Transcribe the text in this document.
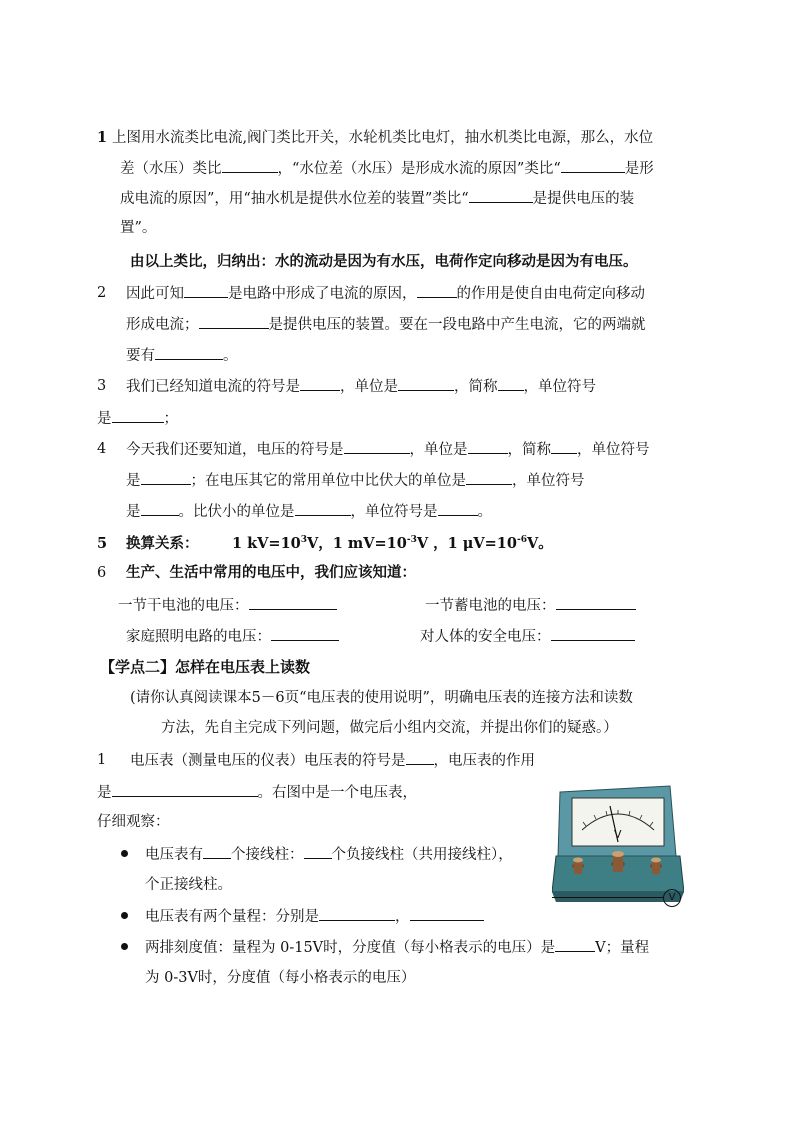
1 上图用水流类比电流,阀门类比开关，水轮机类比电灯，抽水机类比电源，那么，水位
差（水压）类比	，“水位差（水压）是形成水流的原因”类比“	是形
成电流的原因”，用“抽水机是提供水位差的装置”类比“	是提供电压的装
置”。
由以上类比，归纳出：水的流动是因为有水压，电荷作定向移动是因为有电压。
2 因此可知	是电路中形成了电流的原因，	的作用是使自由电荷定向移动
形成电流；	是提供电压的装置。要在一段电路中产生电流，它的两端就
要有	。
3 我们已经知道电流的符号是	，单位是	，简称 ，单位符号
是	；
4 今天我们还要知道，电压的符号是	，单位是	，简称 ，单位符号
是	；在电压其它的常用单位中比伏大的单位是	，单位符号
是	。比伏小的单位是	，单位符号是	。
5 换算关系： 1 $kV=10^3V$，1 $mV=10^{-3}V$ ，1 $\mu V=10^{-6}V$。
6 生产、生活中常用的电压中，我们应该知道：
一节干电池的电压：	一节蓄电池的电压：
家庭照明电路的电压：	对人体的安全电压：
【学点二】怎样在电压表上读数
(请你认真阅读课本5－6页“电压表的使用说明”，明确电压表的连接方法和读数
方法，先自主完成下列问题，做完后小组内交流，并提出你们的疑惑。）
1 电压表（测量电压的仪表）电压表的符号是 ，电压表的作用
是	。右图中是一个电压表，
仔细观察：
电压表有 个接线柱： 个负接线柱（共用接线柱），
个正接线柱。
电压表有两个量程：分别是	，
两排刻度值：量程为 0-15V时，分度值（每小格表示的电压）是	V；量程
为 0-3V时，分度值（每小格表示的电压）
V
V
